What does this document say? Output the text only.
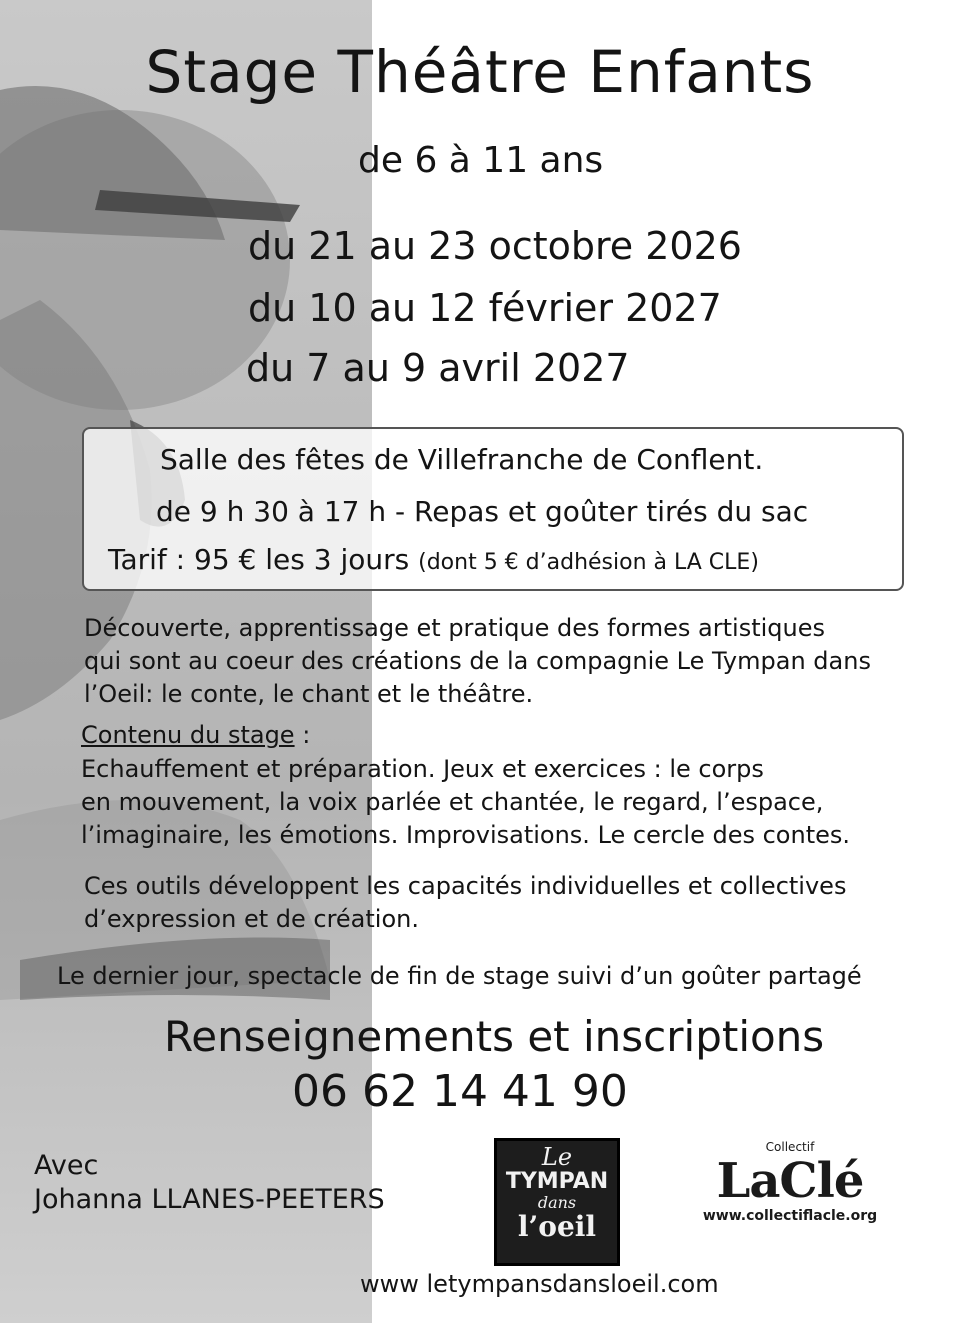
Stage Théâtre Enfants
de 6 à 11 ans
du 21 au 23 octobre 2026
du 10 au 12 février 2027
du 7 au 9 avril 2027
Salle des fêtes de Villefranche de Conflent.
de 9 h 30 à 17 h - Repas et goûter tirés du sac
Tarif : 95 € les 3 jours (dont 5 € d’adhésion à LA CLE)
Découverte, apprentissage et pratique des formes artistiques
qui sont au coeur des créations de la compagnie Le Tympan dans
l’Oeil: le conte, le chant et le théâtre.
Contenu du stage :
Echauffement et préparation. Jeux et exercices : le corps
en mouvement, la voix parlée et chantée, le regard, l’espace,
l’imaginaire, les émotions. Improvisations. Le cercle des contes.
Ces outils développent les capacités individuelles et collectives
d’expression et de création.
Le dernier jour, spectacle de fin de stage suivi d’un goûter partagé
Renseignements et inscriptions
06 62 14 41 90
Avec
Johanna LLANES-PEETERS
Le
TYMPAN
dans
l’oeil
Collectif
LaClé
www.collectiflacle.org
www letympansdansloeil.com
